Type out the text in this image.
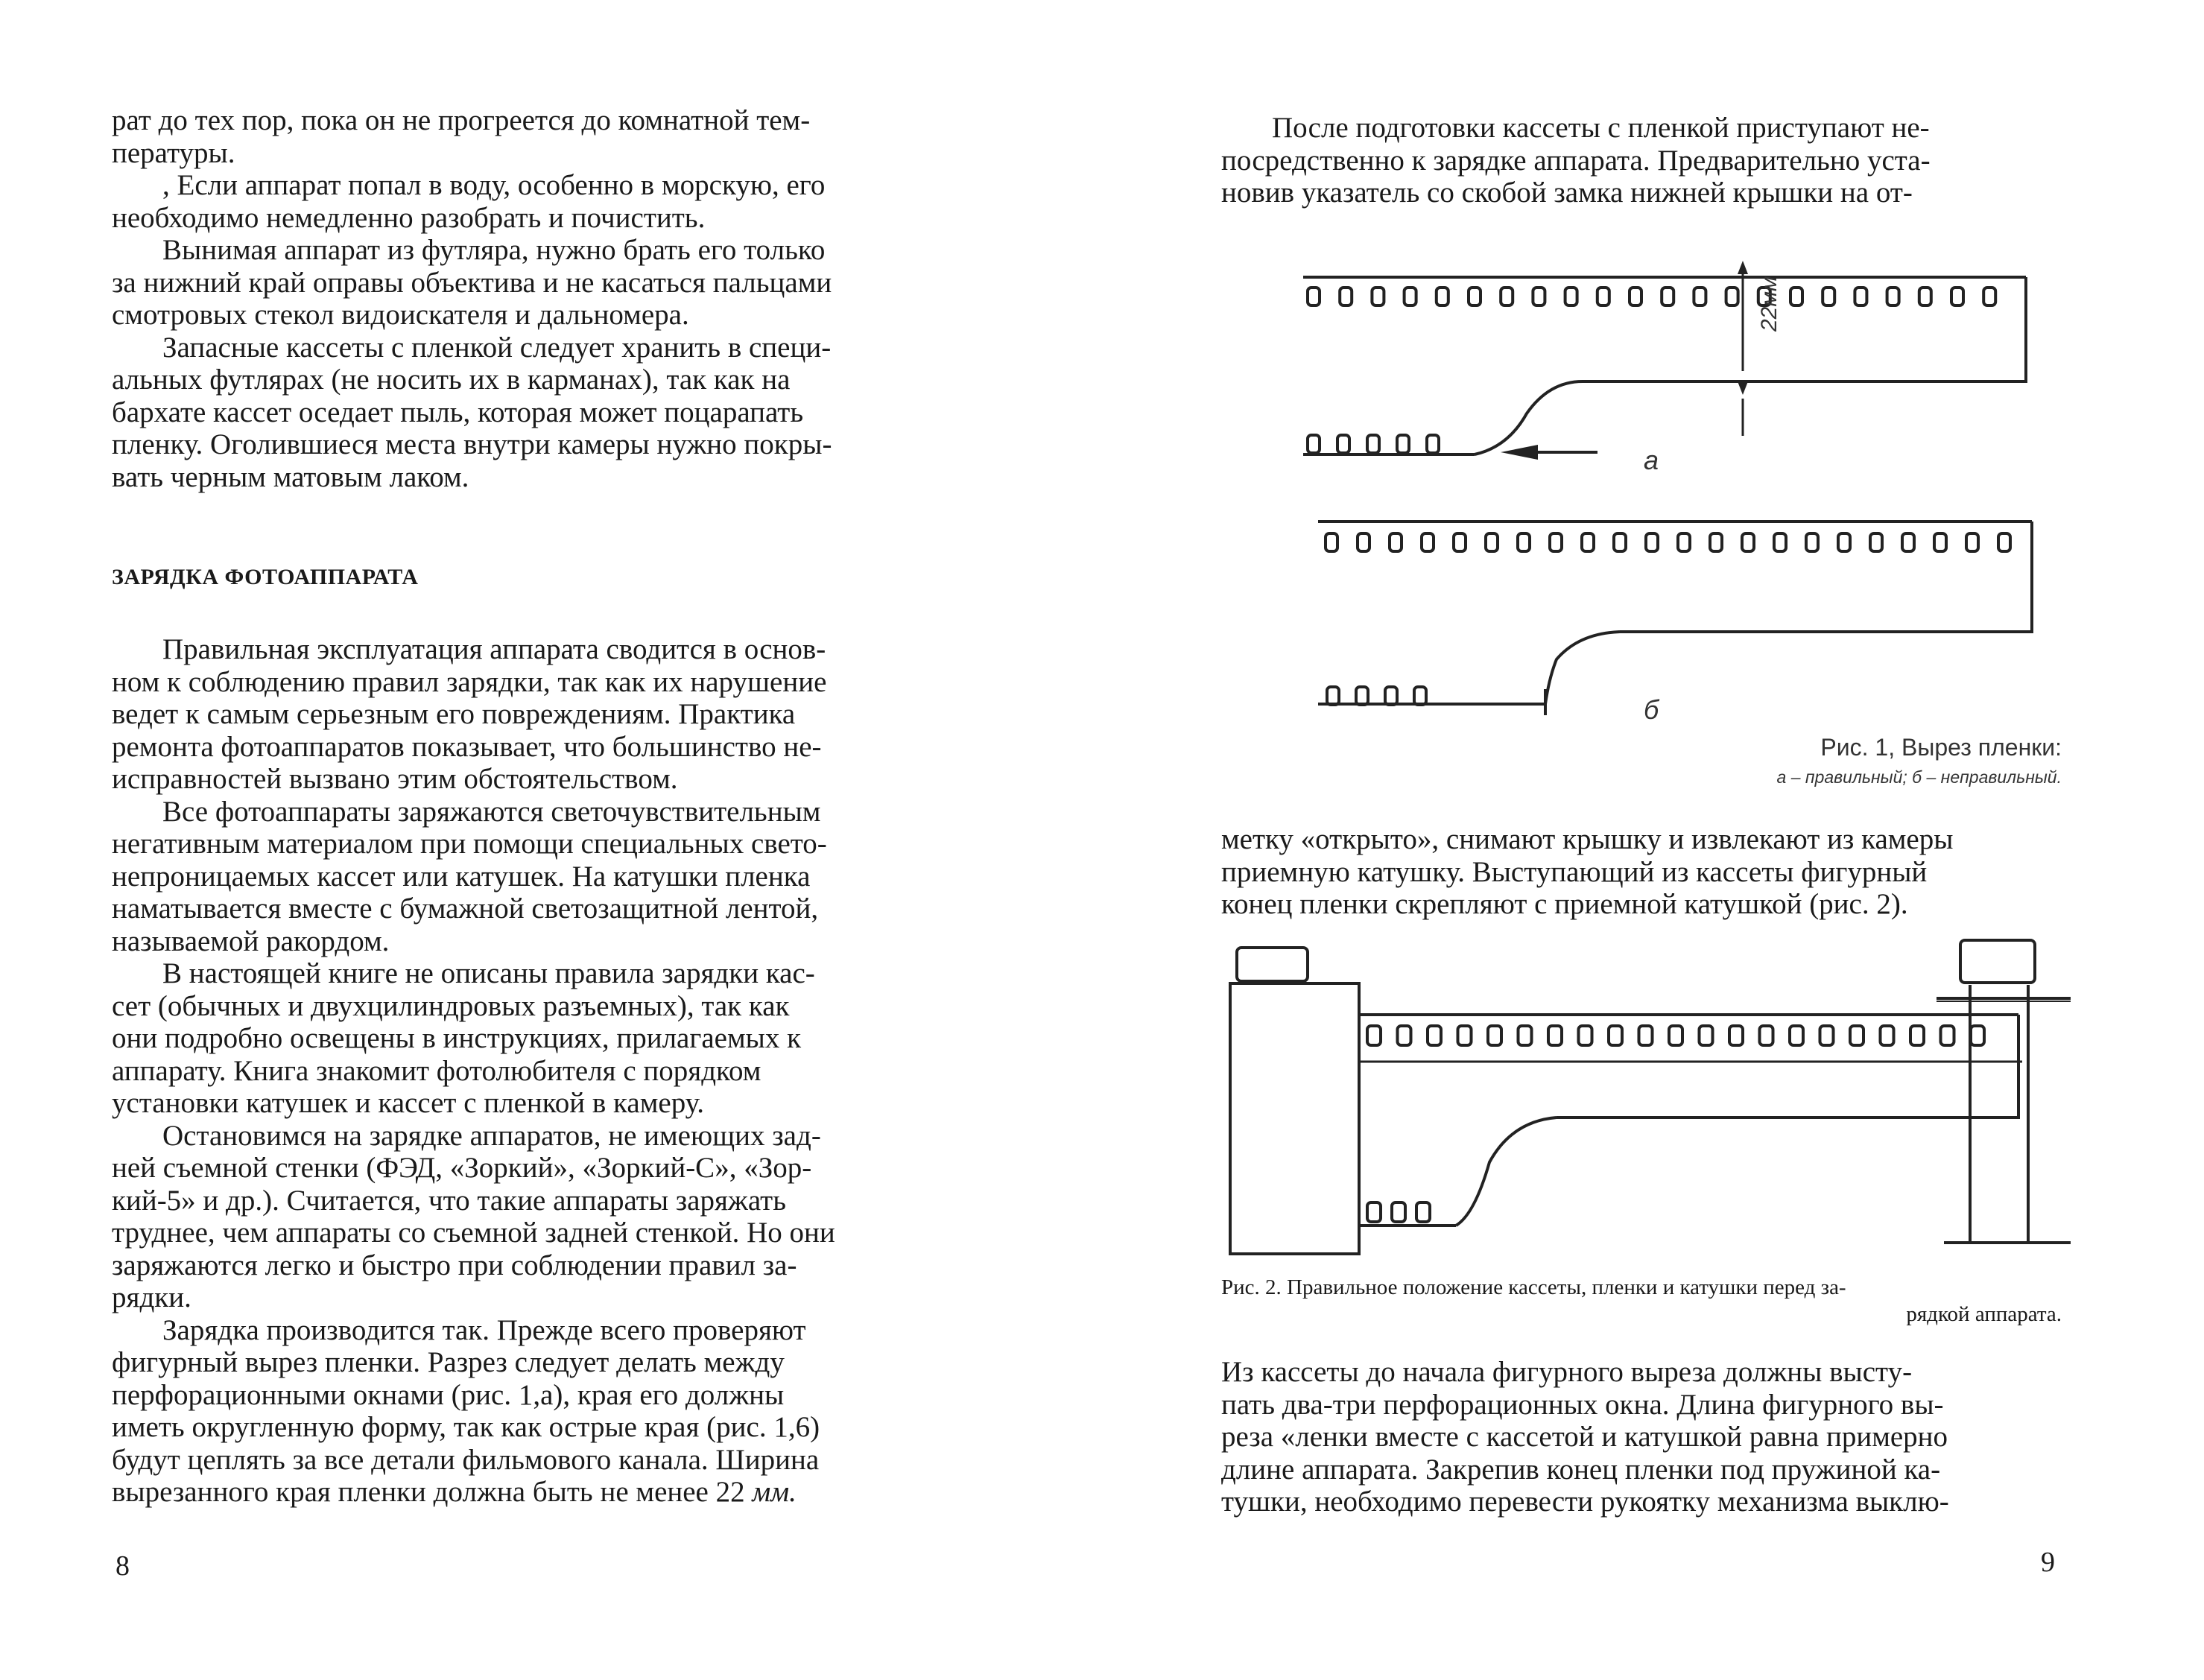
рат до тех пор, пока он не прогреется до комнатной тем-
пературы.
, Если аппарат попал в воду, особенно в морскую, его
необходимо немедленно разобрать и почистить.

Вынимая аппарат из футляра, нужно брать его только
за нижний край оправы объектива и не касаться пальцами
смотровых стекол видоискателя и дальномера.

Запасные кассеты с пленкой следует хранить в специ-
альных футлярах (не носить их в карманах), так как на
бархате кассет оседает пыль, которая может поцарапать
пленку. Оголившиеся места внутри камеры нужно покры-
вать черным матовым лаком.

ЗАРЯДКА ФОТОАППАРАТА

Правильная эксплуатация аппарата сводится в основ-
ном к соблюдению правил зарядки, так как их нарушение
ведет к самым серьезным его повреждениям. Практика
ремонта фотоаппаратов показывает, что большинство не-
исправностей вызвано этим обстоятельством.

Все фотоаппараты заряжаются светочувствительным
негативным материалом при помощи специальных свето-
непроницаемых кассет или катушек. На катушки пленка
наматывается вместе с бумажной светозащитной лентой,
называемой ракордом.

В настоящей книге не описаны правила зарядки кас-
сет (обычных и двухцилиндровых разъемных), так как
они подробно освещены в инструкциях, прилагаемых к
аппарату. Книга знакомит фотолюбителя с порядком
установки катушек и кассет с пленкой в камеру.

Остановимся на зарядке аппаратов, не имеющих зад-
ней съемной стенки (ФЭД, «Зоркий», «Зоркий-С», «Зор-
кий-5» и др.). Считается, что такие аппараты заряжать
труднее, чем аппараты со съемной задней стенкой. Но они
заряжаются легко и быстро при соблюдении правил за-
рядки.

Зарядка производится так. Прежде всего проверяют
фигурный вырез пленки. Разрез следует делать между
перфорационными окнами (рис. 1,а), края его должны
иметь округленную форму, так как острые края (рис. 1,6)
будут цеплять за все детали фильмового канала. Ширина
вырезанного края пленки должна быть не менее 22 мм.

8

После подготовки кассеты с пленкой приступают не-
посредственно к зарядке аппарата. Предварительно уста-
новив указатель со скобой замка нижней крышки на от-

22мм
а
б
Рис. 1, Вырез пленки:
а – правильный; б – неправильный.

метку «открыто», снимают крышку и извлекают из камеры
приемную катушку. Выступающий из кассеты фигурный
конец пленки скрепляют с приемной катушкой (рис. 2).

Рис. 2. Правильное положение кассеты, пленки и катушки перед за-
рядкой аппарата.

Из кассеты до начала фигурного выреза должны высту-
пать два-три перфорационных окна. Длина фигурного вы-
реза «ленки вместе с кассетой и катушкой равна примерно
длине аппарата. Закрепив конец пленки под пружиной ка-
тушки, необходимо перевести рукоятку механизма выклю-

9
